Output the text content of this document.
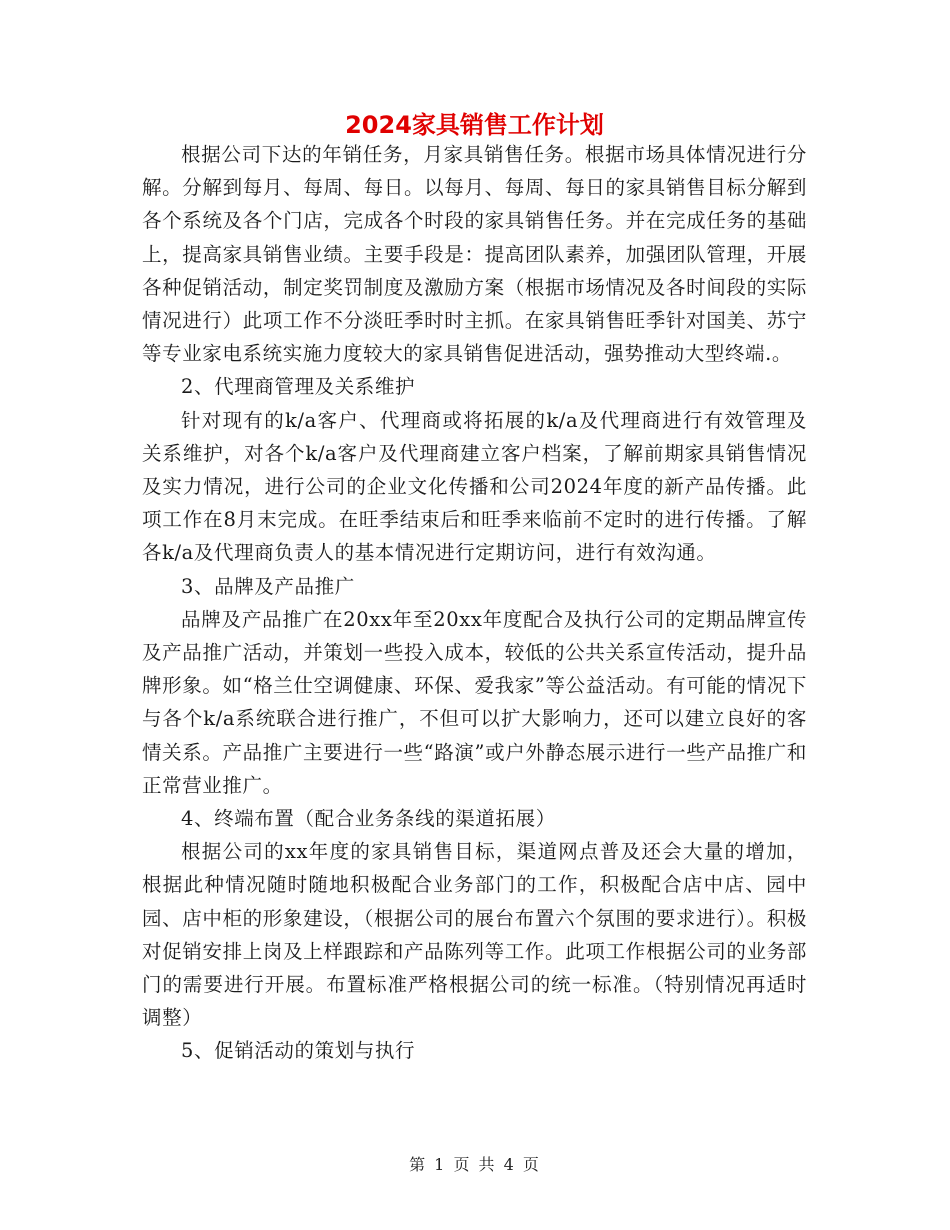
2024家具销售工作计划

根据公司下达的年销任务，月家具销售任务。根据市场具体情况进行分解。分解到每月、每周、每日。以每月、每周、每日的家具销售目标分解到各个系统及各个门店，完成各个时段的家具销售任务。并在完成任务的基础上，提高家具销售业绩。主要手段是：提高团队素养，加强团队管理，开展各种促销活动，制定奖罚制度及激励方案（根据市场情况及各时间段的实际情况进行）此项工作不分淡旺季时时主抓。在家具销售旺季针对国美、苏宁等专业家电系统实施力度较大的家具销售促进活动，强势推动大型终端.。

2、代理商管理及关系维护

针对现有的k/a客户、代理商或将拓展的k/a及代理商进行有效管理及关系维护，对各个k/a客户及代理商建立客户档案，了解前期家具销售情况及实力情况，进行公司的企业文化传播和公司2024年度的新产品传播。此项工作在8月末完成。在旺季结束后和旺季来临前不定时的进行传播。了解各k/a及代理商负责人的基本情况进行定期访问，进行有效沟通。

3、品牌及产品推广

品牌及产品推广在20xx年至20xx年度配合及执行公司的定期品牌宣传及产品推广活动，并策划一些投入成本，较低的公共关系宣传活动，提升品牌形象。如“格兰仕空调健康、环保、爱我家”等公益活动。有可能的情况下与各个k/a系统联合进行推广，不但可以扩大影响力，还可以建立良好的客情关系。产品推广主要进行一些“路演”或户外静态展示进行一些产品推广和正常营业推广。

4、终端布置（配合业务条线的渠道拓展）

根据公司的xx年度的家具销售目标，渠道网点普及还会大量的增加，根据此种情况随时随地积极配合业务部门的工作，积极配合店中店、园中园、店中柜的形象建设，（根据公司的展台布置六个氛围的要求进行）。积极对促销安排上岗及上样跟踪和产品陈列等工作。此项工作根据公司的业务部门的需要进行开展。布置标准严格根据公司的统一标准。（特别情况再适时调整）

5、促销活动的策划与执行

第 1 页 共 4 页
